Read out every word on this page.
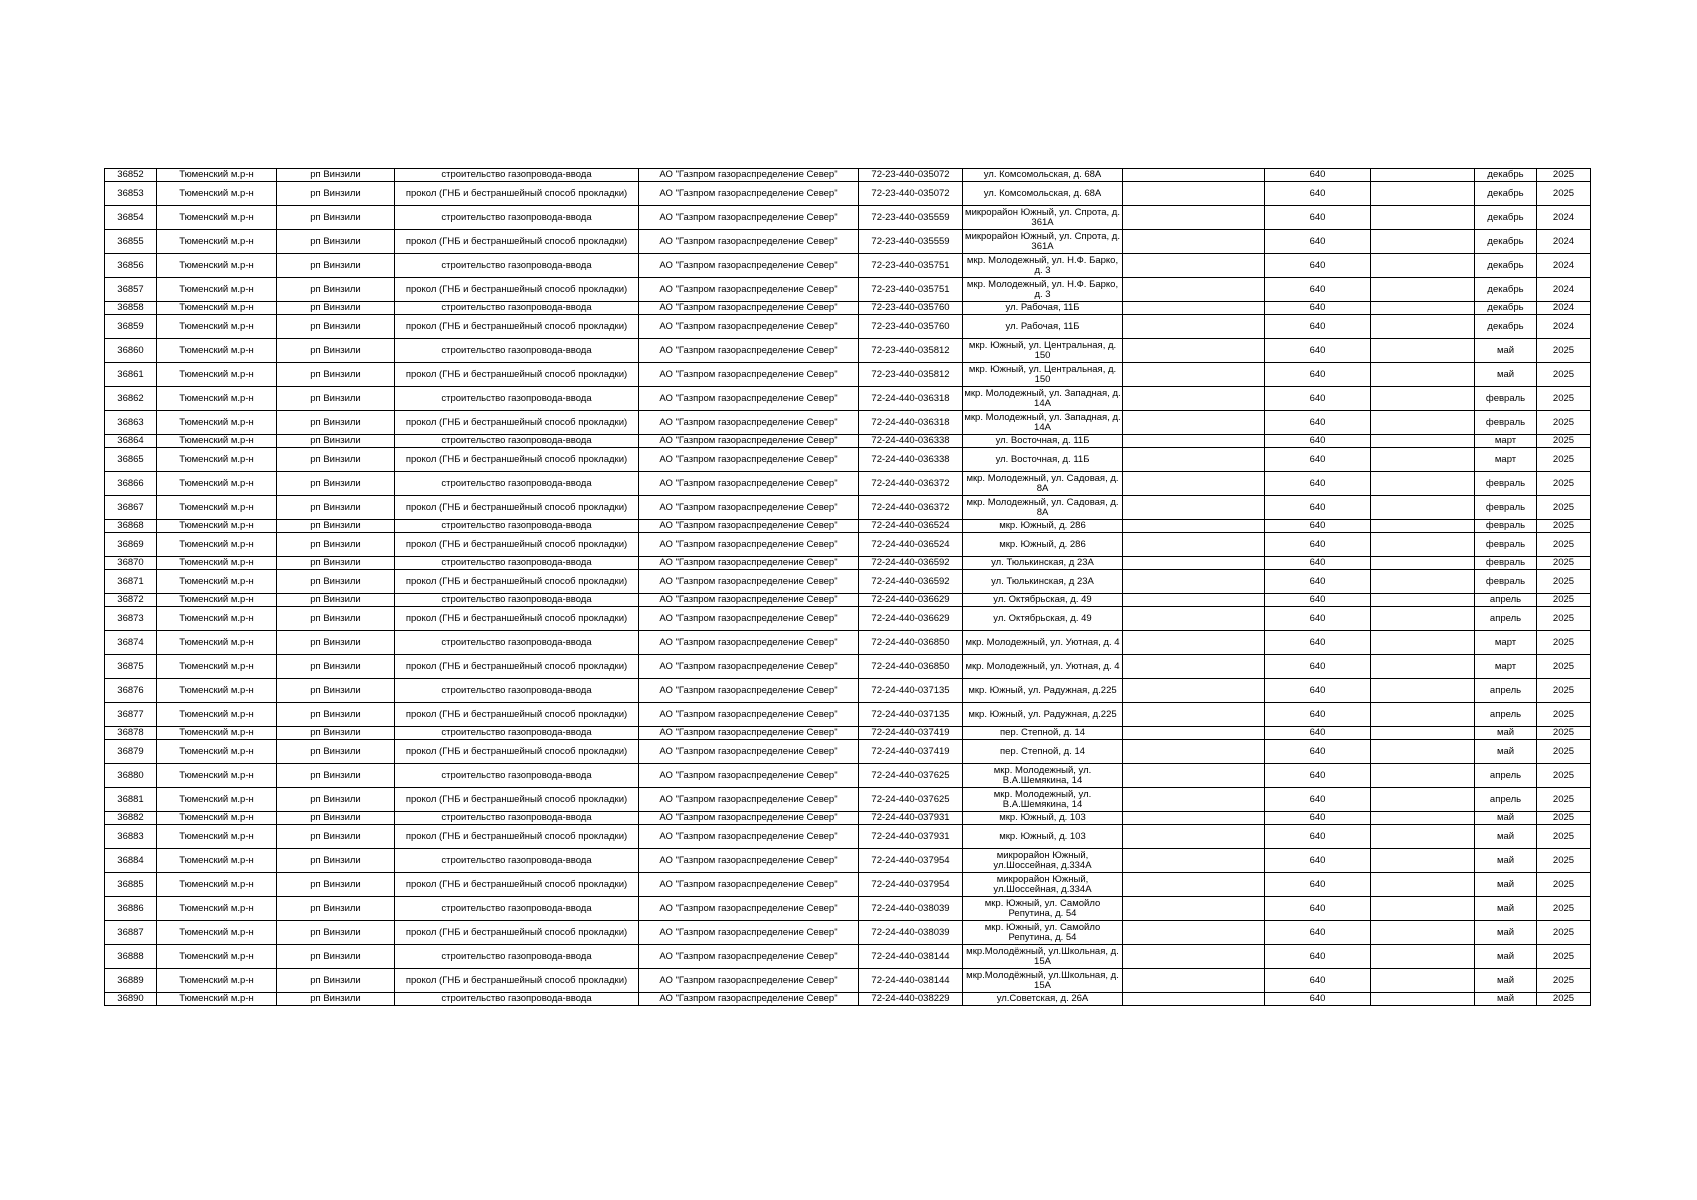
36852	Тюменский м.р-н	рп Винзили	строительство газопровода-ввода	АО "Газпром газораспределение Север"	72-23-440-035072	ул. Комсомольская, д. 68А		640		декабрь	2025
36853	Тюменский м.р-н	рп Винзили	прокол (ГНБ и бестраншейный способ прокладки)	АО "Газпром газораспределение Север"	72-23-440-035072	ул. Комсомольская, д. 68А		640		декабрь	2025
36854	Тюменский м.р-н	рп Винзили	строительство газопровода-ввода	АО "Газпром газораспределение Север"	72-23-440-035559	микрорайон Южный, ул. Спрота, д. 361А		640		декабрь	2024
36855	Тюменский м.р-н	рп Винзили	прокол (ГНБ и бестраншейный способ прокладки)	АО "Газпром газораспределение Север"	72-23-440-035559	микрорайон Южный, ул. Спрота, д. 361А		640		декабрь	2024
36856	Тюменский м.р-н	рп Винзили	строительство газопровода-ввода	АО "Газпром газораспределение Север"	72-23-440-035751	мкр. Молодежный, ул. Н.Ф. Барко, д. 3		640		декабрь	2024
36857	Тюменский м.р-н	рп Винзили	прокол (ГНБ и бестраншейный способ прокладки)	АО "Газпром газораспределение Север"	72-23-440-035751	мкр. Молодежный, ул. Н.Ф. Барко, д. 3		640		декабрь	2024
36858	Тюменский м.р-н	рп Винзили	строительство газопровода-ввода	АО "Газпром газораспределение Север"	72-23-440-035760	ул. Рабочая, 11Б		640		декабрь	2024
36859	Тюменский м.р-н	рп Винзили	прокол (ГНБ и бестраншейный способ прокладки)	АО "Газпром газораспределение Север"	72-23-440-035760	ул. Рабочая, 11Б		640		декабрь	2024
36860	Тюменский м.р-н	рп Винзили	строительство газопровода-ввода	АО "Газпром газораспределение Север"	72-23-440-035812	мкр. Южный, ул. Центральная, д. 150		640		май	2025
36861	Тюменский м.р-н	рп Винзили	прокол (ГНБ и бестраншейный способ прокладки)	АО "Газпром газораспределение Север"	72-23-440-035812	мкр. Южный, ул. Центральная, д. 150		640		май	2025
36862	Тюменский м.р-н	рп Винзили	строительство газопровода-ввода	АО "Газпром газораспределение Север"	72-24-440-036318	мкр. Молодежный, ул. Западная, д. 14А		640		февраль	2025
36863	Тюменский м.р-н	рп Винзили	прокол (ГНБ и бестраншейный способ прокладки)	АО "Газпром газораспределение Север"	72-24-440-036318	мкр. Молодежный, ул. Западная, д. 14А		640		февраль	2025
36864	Тюменский м.р-н	рп Винзили	строительство газопровода-ввода	АО "Газпром газораспределение Север"	72-24-440-036338	ул. Восточная, д. 11Б		640		март	2025
36865	Тюменский м.р-н	рп Винзили	прокол (ГНБ и бестраншейный способ прокладки)	АО "Газпром газораспределение Север"	72-24-440-036338	ул. Восточная, д. 11Б		640		март	2025
36866	Тюменский м.р-н	рп Винзили	строительство газопровода-ввода	АО "Газпром газораспределение Север"	72-24-440-036372	мкр. Молодежный, ул. Садовая, д. 8А		640		февраль	2025
36867	Тюменский м.р-н	рп Винзили	прокол (ГНБ и бестраншейный способ прокладки)	АО "Газпром газораспределение Север"	72-24-440-036372	мкр. Молодежный, ул. Садовая, д. 8А		640		февраль	2025
36868	Тюменский м.р-н	рп Винзили	строительство газопровода-ввода	АО "Газпром газораспределение Север"	72-24-440-036524	мкр. Южный, д. 286		640		февраль	2025
36869	Тюменский м.р-н	рп Винзили	прокол (ГНБ и бестраншейный способ прокладки)	АО "Газпром газораспределение Север"	72-24-440-036524	мкр. Южный, д. 286		640		февраль	2025
36870	Тюменский м.р-н	рп Винзили	строительство газопровода-ввода	АО "Газпром газораспределение Север"	72-24-440-036592	ул. Тюлькинская, д 23А		640		февраль	2025
36871	Тюменский м.р-н	рп Винзили	прокол (ГНБ и бестраншейный способ прокладки)	АО "Газпром газораспределение Север"	72-24-440-036592	ул. Тюлькинская, д 23А		640		февраль	2025
36872	Тюменский м.р-н	рп Винзили	строительство газопровода-ввода	АО "Газпром газораспределение Север"	72-24-440-036629	ул. Октябрьская, д. 49		640		апрель	2025
36873	Тюменский м.р-н	рп Винзили	прокол (ГНБ и бестраншейный способ прокладки)	АО "Газпром газораспределение Север"	72-24-440-036629	ул. Октябрьская, д. 49		640		апрель	2025
36874	Тюменский м.р-н	рп Винзили	строительство газопровода-ввода	АО "Газпром газораспределение Север"	72-24-440-036850	мкр. Молодежный, ул. Уютная, д. 4		640		март	2025
36875	Тюменский м.р-н	рп Винзили	прокол (ГНБ и бестраншейный способ прокладки)	АО "Газпром газораспределение Север"	72-24-440-036850	мкр. Молодежный, ул. Уютная, д. 4		640		март	2025
36876	Тюменский м.р-н	рп Винзили	строительство газопровода-ввода	АО "Газпром газораспределение Север"	72-24-440-037135	мкр. Южный, ул. Радужная, д.225		640		апрель	2025
36877	Тюменский м.р-н	рп Винзили	прокол (ГНБ и бестраншейный способ прокладки)	АО "Газпром газораспределение Север"	72-24-440-037135	мкр. Южный, ул. Радужная, д.225		640		апрель	2025
36878	Тюменский м.р-н	рп Винзили	строительство газопровода-ввода	АО "Газпром газораспределение Север"	72-24-440-037419	пер. Степной, д. 14		640		май	2025
36879	Тюменский м.р-н	рп Винзили	прокол (ГНБ и бестраншейный способ прокладки)	АО "Газпром газораспределение Север"	72-24-440-037419	пер. Степной, д. 14		640		май	2025
36880	Тюменский м.р-н	рп Винзили	строительство газопровода-ввода	АО "Газпром газораспределение Север"	72-24-440-037625	мкр. Молодежный, ул. В.А.Шемякина, 14		640		апрель	2025
36881	Тюменский м.р-н	рп Винзили	прокол (ГНБ и бестраншейный способ прокладки)	АО "Газпром газораспределение Север"	72-24-440-037625	мкр. Молодежный, ул. В.А.Шемякина, 14		640		апрель	2025
36882	Тюменский м.р-н	рп Винзили	строительство газопровода-ввода	АО "Газпром газораспределение Север"	72-24-440-037931	мкр. Южный, д. 103		640		май	2025
36883	Тюменский м.р-н	рп Винзили	прокол (ГНБ и бестраншейный способ прокладки)	АО "Газпром газораспределение Север"	72-24-440-037931	мкр. Южный, д. 103		640		май	2025
36884	Тюменский м.р-н	рп Винзили	строительство газопровода-ввода	АО "Газпром газораспределение Север"	72-24-440-037954	микрорайон Южный, ул.Шоссейная, д.334А		640		май	2025
36885	Тюменский м.р-н	рп Винзили	прокол (ГНБ и бестраншейный способ прокладки)	АО "Газпром газораспределение Север"	72-24-440-037954	микрорайон Южный, ул.Шоссейная, д.334А		640		май	2025
36886	Тюменский м.р-н	рп Винзили	строительство газопровода-ввода	АО "Газпром газораспределение Север"	72-24-440-038039	мкр. Южный, ул. Самойло Репутина, д. 54		640		май	2025
36887	Тюменский м.р-н	рп Винзили	прокол (ГНБ и бестраншейный способ прокладки)	АО "Газпром газораспределение Север"	72-24-440-038039	мкр. Южный, ул. Самойло Репутина, д. 54		640		май	2025
36888	Тюменский м.р-н	рп Винзили	строительство газопровода-ввода	АО "Газпром газораспределение Север"	72-24-440-038144	мкр.Молодёжный, ул.Школьная, д. 15А		640		май	2025
36889	Тюменский м.р-н	рп Винзили	прокол (ГНБ и бестраншейный способ прокладки)	АО "Газпром газораспределение Север"	72-24-440-038144	мкр.Молодёжный, ул.Школьная, д. 15А		640		май	2025
36890	Тюменский м.р-н	рп Винзили	строительство газопровода-ввода	АО "Газпром газораспределение Север"	72-24-440-038229	ул.Советская, д. 26А		640		май	2025
